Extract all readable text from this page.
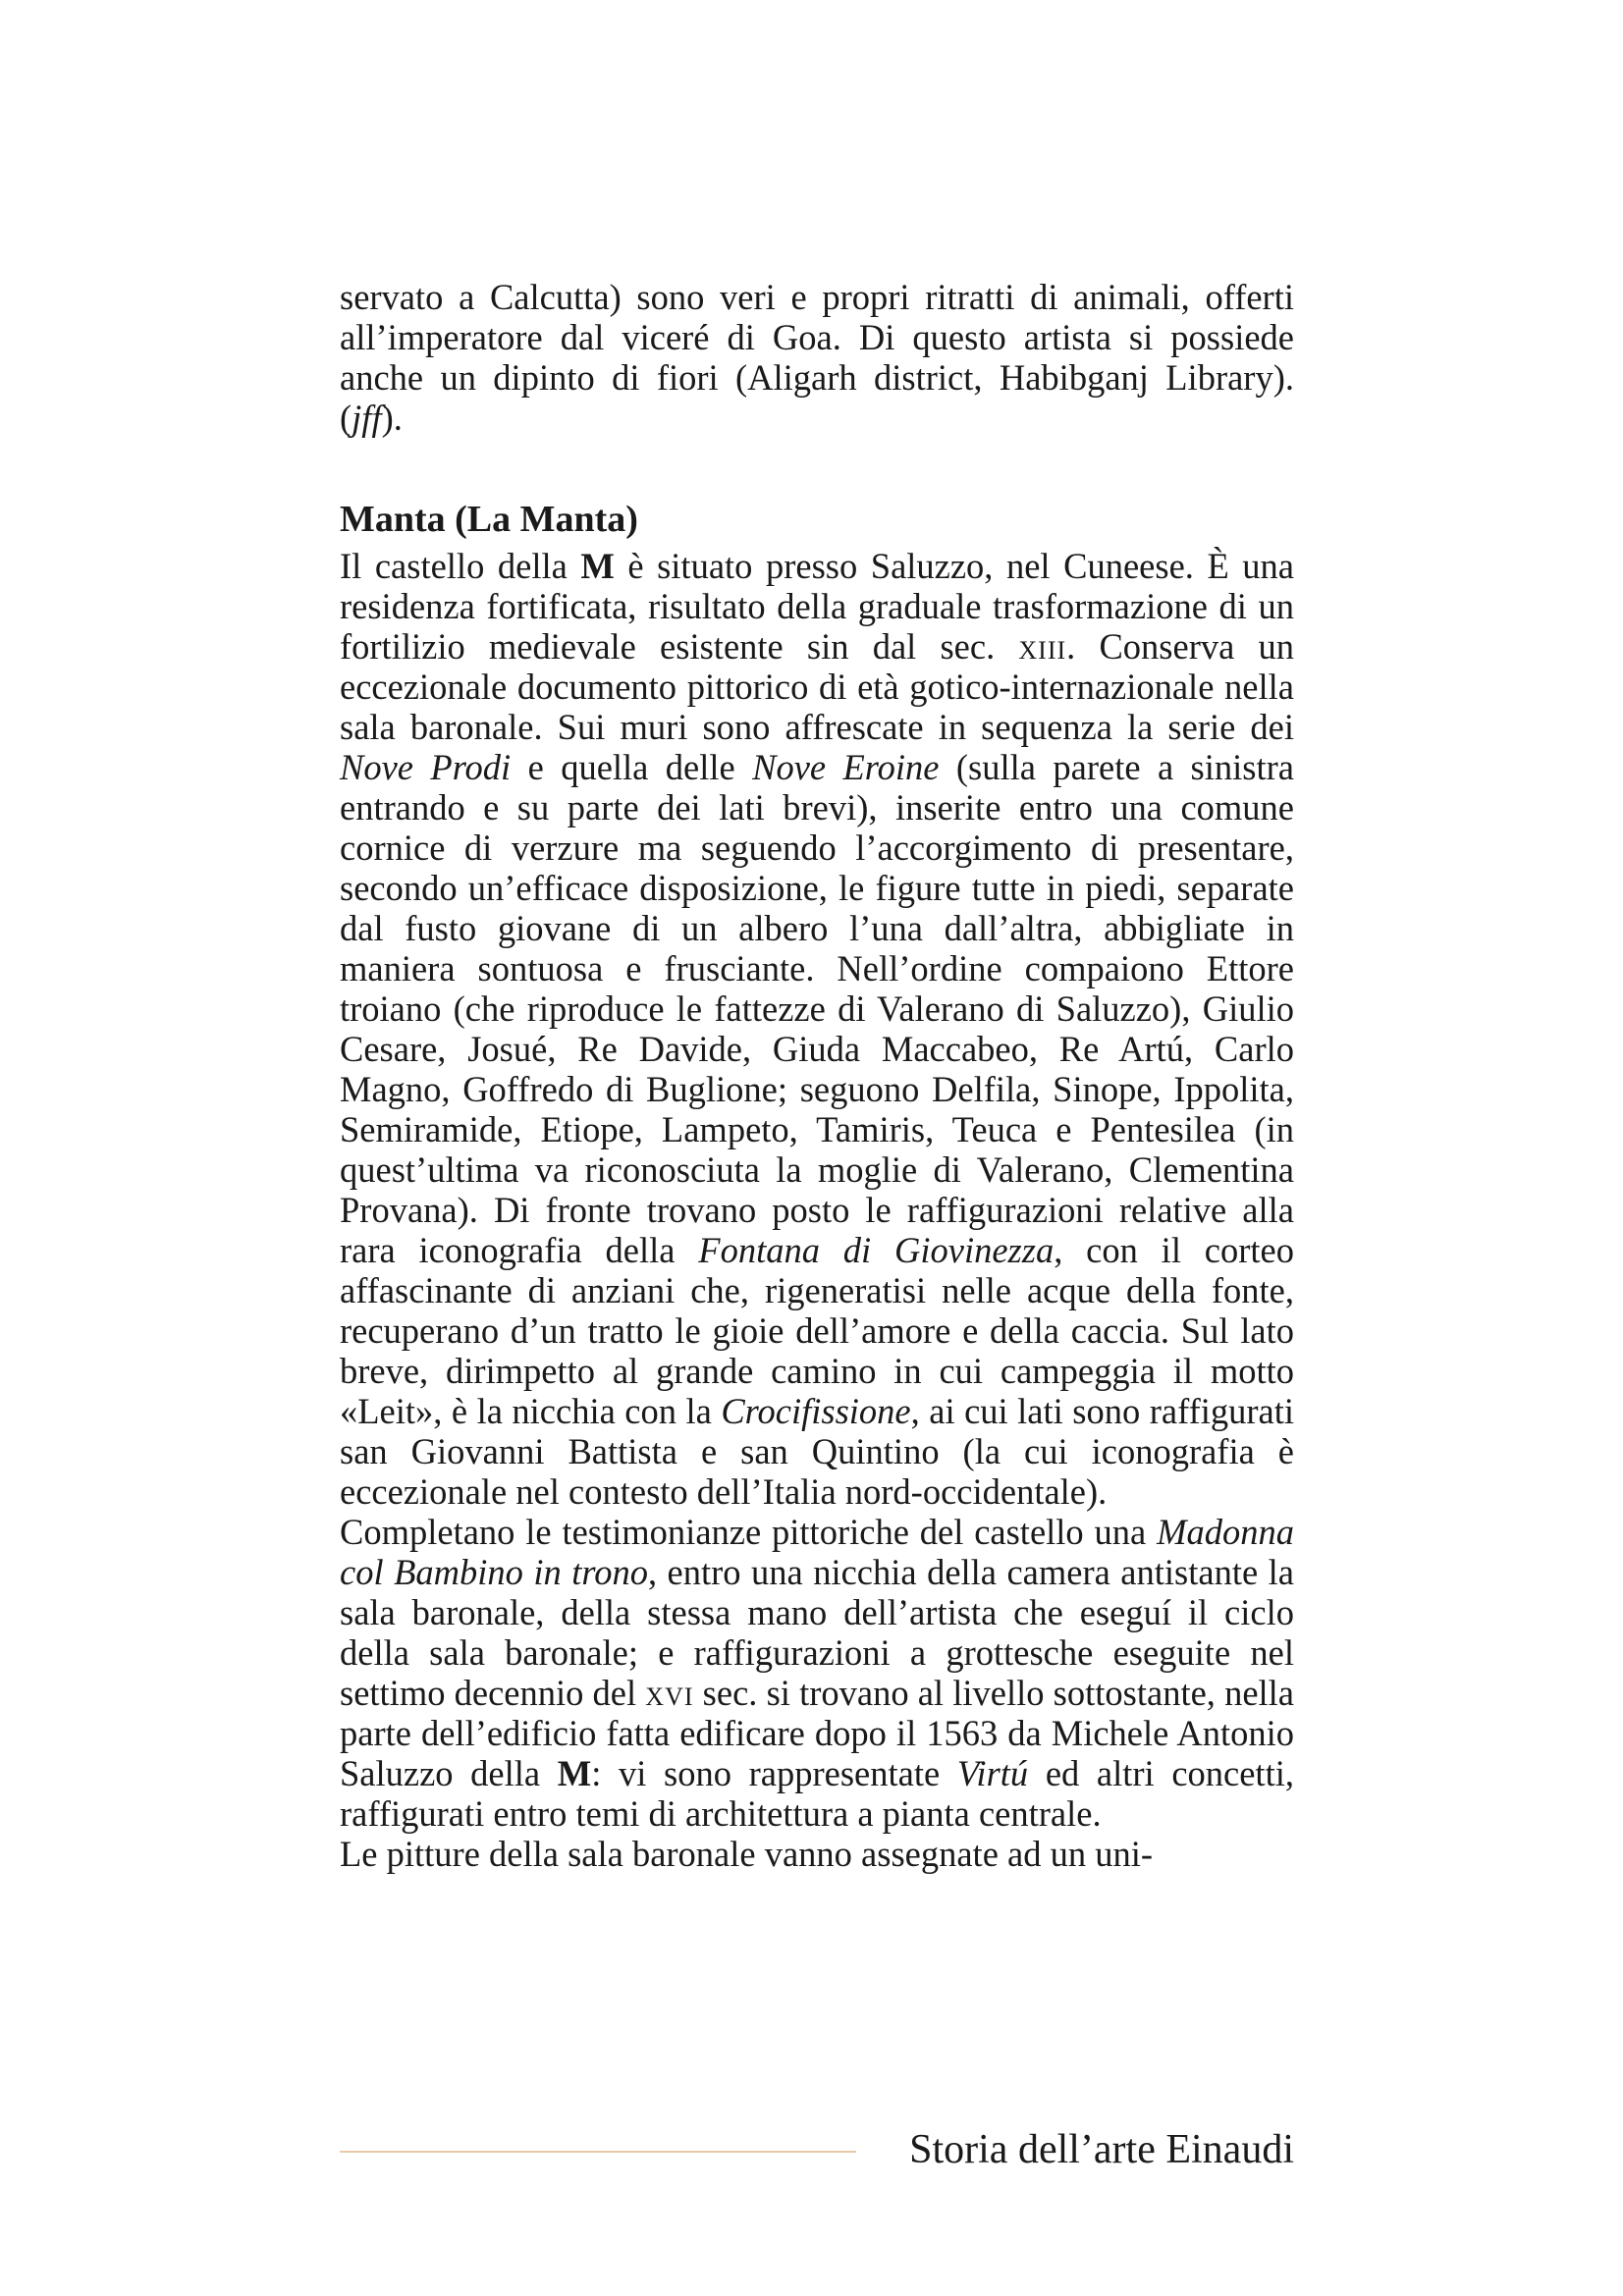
servato a Calcutta) sono veri e propri ritratti di animali, offerti all’imperatore dal viceré di Goa. Di questo artista si possiede anche un dipinto di fiori (Aligarh district, Habibganj Library). (jff).

Manta (La Manta)

Il castello della M è situato presso Saluzzo, nel Cuneese. È una residenza fortificata, risultato della graduale trasformazione di un fortilizio medievale esistente sin dal sec. xiii. Conserva un eccezionale documento pittorico di età gotico-internazionale nella sala baronale. Sui muri sono affrescate in sequenza la serie dei Nove Prodi e quella delle Nove Eroine (sulla parete a sinistra entrando e su parte dei lati brevi), inserite entro una comune cornice di verzure ma seguendo l’accorgimento di presentare, secondo un’efficace disposizione, le figure tutte in piedi, separate dal fusto giovane di un albero l’una dall’altra, abbigliate in maniera sontuosa e frusciante. Nell’ordine compaiono Ettore troiano (che riproduce le fattezze di Valerano di Saluzzo), Giulio Cesare, Josué, Re Davide, Giuda Maccabeo, Re Artú, Carlo Magno, Goffredo di Buglione; seguono Delfila, Sinope, Ippolita, Semiramide, Etiope, Lampeto, Tamiris, Teuca e Pentesilea (in quest’ultima va riconosciuta la moglie di Valerano, Clementina Provana). Di fronte trovano posto le raffigurazioni relative alla rara iconografia della Fontana di Giovinezza, con il corteo affascinante di anziani che, rigeneratisi nelle acque della fonte, recuperano d’un tratto le gioie dell’amore e della caccia. Sul lato breve, dirimpetto al grande camino in cui campeggia il motto «Leit», è la nicchia con la Crocifissione, ai cui lati sono raffigurati san Giovanni Battista e san Quintino (la cui iconografia è eccezionale nel contesto dell’Italia nord-occidentale).

Completano le testimonianze pittoriche del castello una Madonna col Bambino in trono, entro una nicchia della camera antistante la sala baronale, della stessa mano dell’artista che eseguí il ciclo della sala baronale; e raffigurazioni a grottesche eseguite nel settimo decennio del xvi sec. si trovano al livello sottostante, nella parte dell’edificio fatta edificare dopo il 1563 da Michele Antonio Saluzzo della M: vi sono rappresentate Virtú ed altri concetti, raffigurati entro temi di architettura a pianta centrale.

Le pitture della sala baronale vanno assegnate ad un uni-

Storia dell’arte Einaudi
